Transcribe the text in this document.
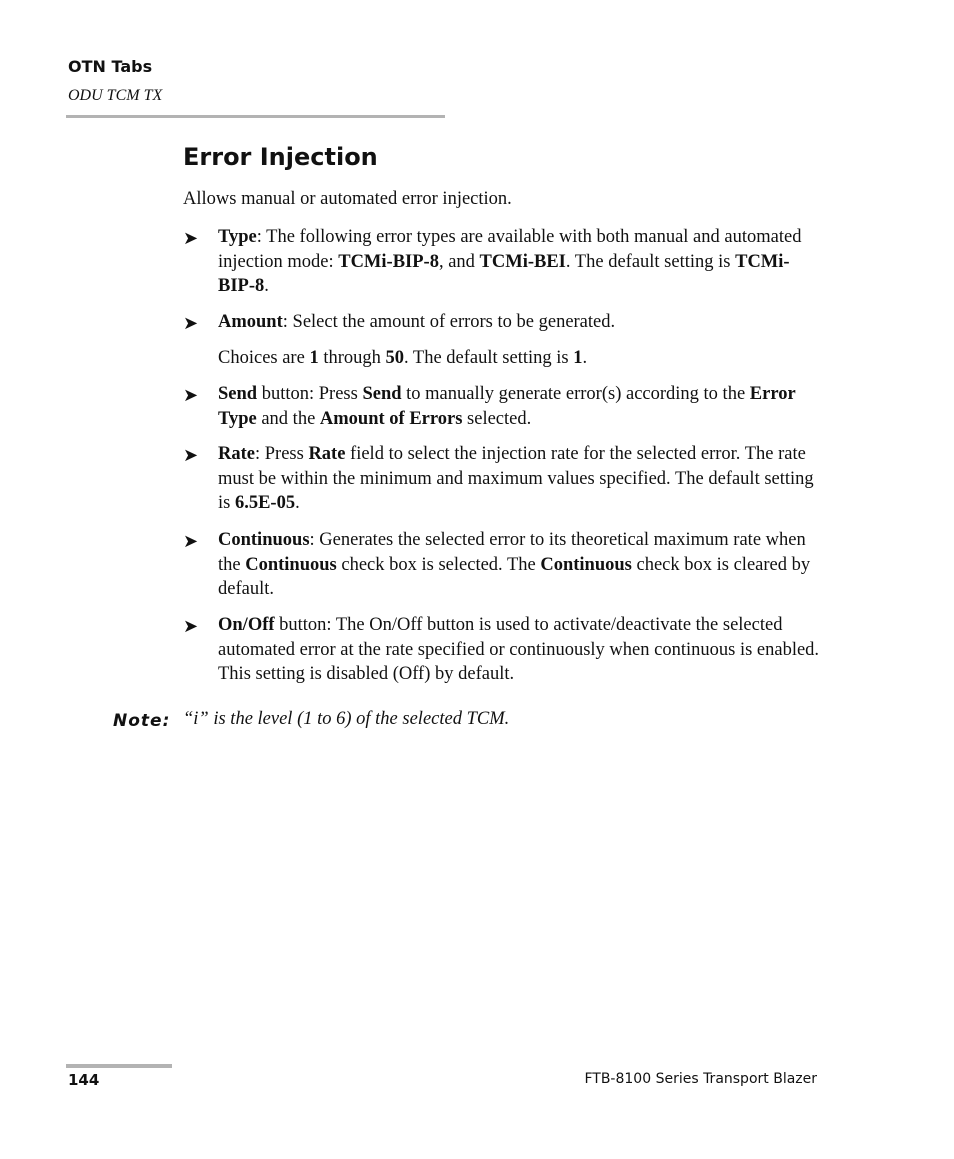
OTN Tabs
ODU TCM TX
Error Injection

Allows manual or automated error injection.

➤ Type: The following error types are available with both manual and automated injection mode: TCMi-BIP-8, and TCMi-BEI. The default setting is TCMi-BIP-8.
➤ Amount: Select the amount of errors to be generated.
Choices are 1 through 50. The default setting is 1.
➤ Send button: Press Send to manually generate error(s) according to the Error Type and the Amount of Errors selected.
➤ Rate: Press Rate field to select the injection rate for the selected error. The rate must be within the minimum and maximum values specified. The default setting is 6.5E-05.
➤ Continuous: Generates the selected error to its theoretical maximum rate when the Continuous check box is selected. The Continuous check box is cleared by default.
➤ On/Off button: The On/Off button is used to activate/deactivate the selected automated error at the rate specified or continuously when continuous is enabled. This setting is disabled (Off) by default.
Note: “i” is the level (1 to 6) of the selected TCM.
144	FTB-8100 Series Transport Blazer
